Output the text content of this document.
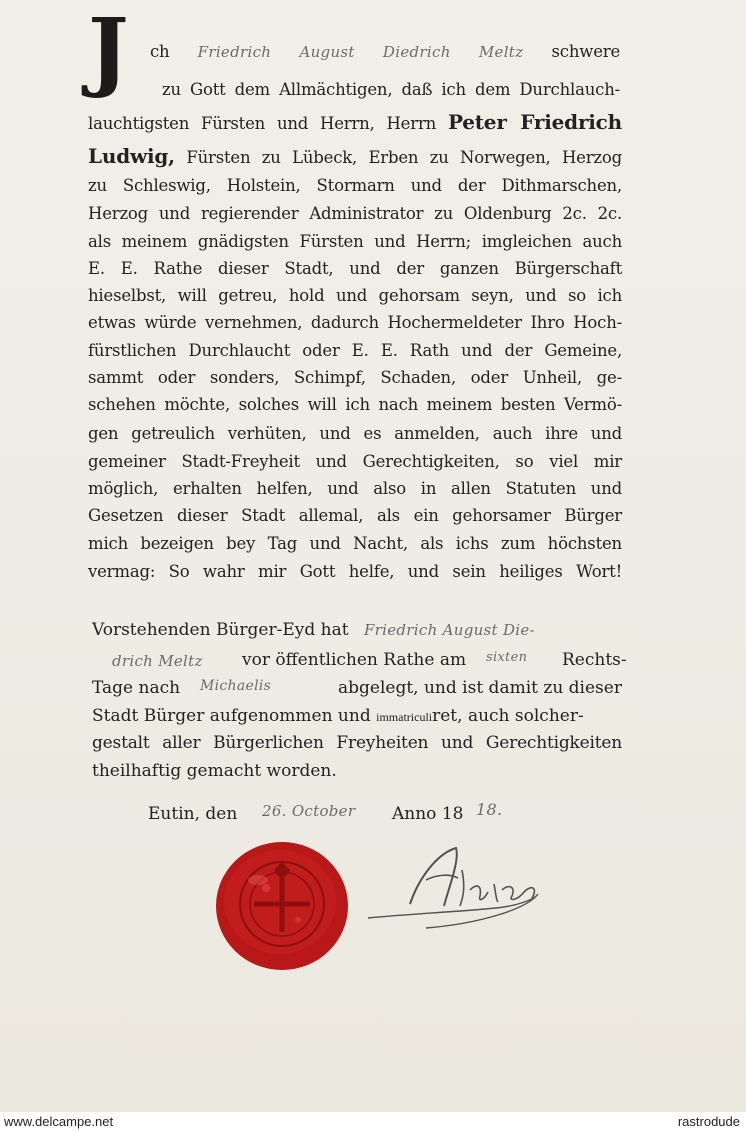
J ch Friedrich August Diedrich Meltz schwere
zu Gott dem Allmächtigen, daß ich dem Durchlauch-
lauchtigsten Fürsten und Herrn, Herrn Peter Friedrich
Ludwig, Fürsten zu Lübeck, Erben zu Norwegen, Herzog
zu Schleswig, Holstein, Stormarn und der Dithmarschen,
Herzog und regierender Administrator zu Oldenburg 2c. 2c.
als meinem gnädigsten Fürsten und Herrn; imgleichen auch
E. E. Rathe dieser Stadt, und der ganzen Bürgerschaft
hieselbst, will getreu, hold und gehorsam seyn, und so ich
etwas würde vernehmen, dadurch Hochermeldeter Ihro Hoch-
fürstlichen Durchlaucht oder E. E. Rath und der Gemeine,
sammt oder sonders, Schimpf, Schaden, oder Unheil, ge-
schehen möchte, solches will ich nach meinem besten Vermö-
gen getreulich verhüten, und es anmelden, auch ihre und
gemeiner Stadt-Freyheit und Gerechtigkeiten, so viel mir
möglich, erhalten helfen, und also in allen Statuten und
Gesetzen dieser Stadt allemal, als ein gehorsamer Bürger
mich bezeigen bey Tag und Nacht, als ichs zum höchsten
vermag: So wahr mir Gott helfe, und sein heiliges Wort!
Vorstehenden Bürger-Eyd hat Friedrich August Die-
drich Meltz vor öffentlichen Rathe am sixten Rechts-
Tage nach Michaelis	abgelegt, und ist damit zu dieser
Stadt Bürger aufgenommen und immatriculiret, auch solcher-
gestalt aller Bürgerlichen Freyheiten und Gerechtigkeiten
theilhaftig gemacht worden.
Eutin, den 26. October Anno 18 18.
www.delcampe.net	rastrodude
